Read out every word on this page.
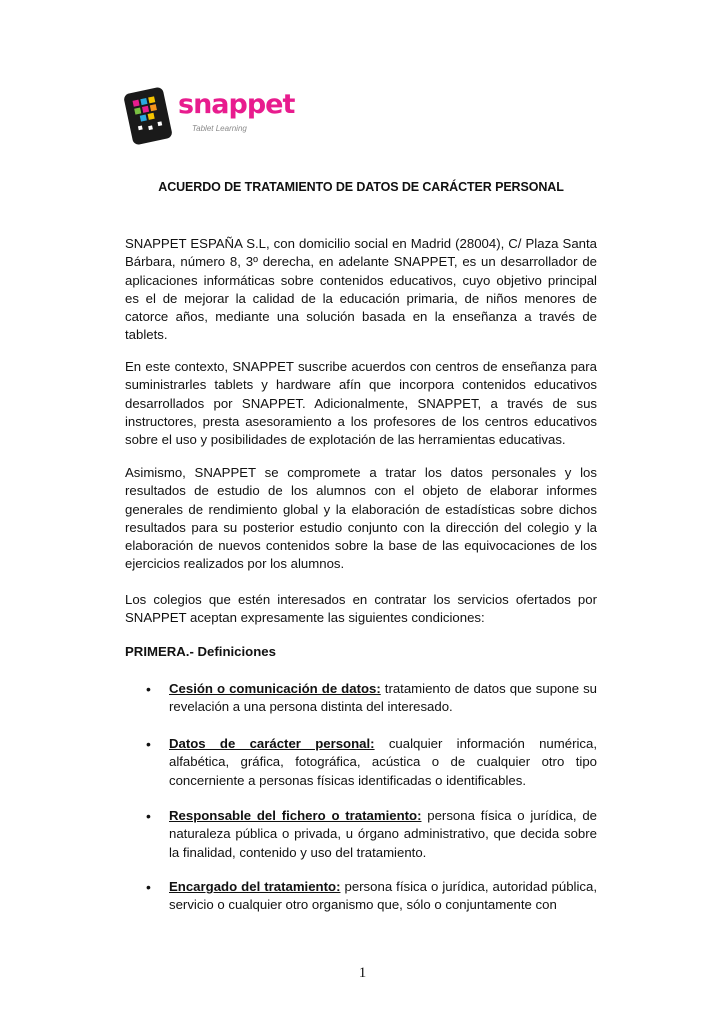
snappet
Tablet Learning
ACUERDO DE TRATAMIENTO DE DATOS DE CARÁCTER PERSONAL

SNAPPET ESPAÑA S.L, con domicilio social en Madrid (28004), C/ Plaza Santa Bárbara, número 8, 3º derecha, en adelante SNAPPET, es un desarrollador de aplicaciones informáticas sobre contenidos educativos, cuyo objetivo principal es el de mejorar la calidad de la educación primaria, de niños menores de catorce años, mediante una solución basada en la enseñanza a través de tablets.

En este contexto, SNAPPET suscribe acuerdos con centros de enseñanza para suministrarles tablets y hardware afín que incorpora contenidos educativos desarrollados por SNAPPET. Adicionalmente, SNAPPET, a través de sus instructores, presta asesoramiento a los profesores de los centros educativos sobre el uso y posibilidades de explotación de las herramientas educativas.

Asimismo, SNAPPET se compromete a tratar los datos personales y los resultados de estudio de los alumnos con el objeto de elaborar informes generales de rendimiento global y la elaboración de estadísticas sobre dichos resultados para su posterior estudio conjunto con la dirección del colegio y la elaboración de nuevos contenidos sobre la base de las equivocaciones de los ejercicios realizados por los alumnos.

Los colegios que estén interesados en contratar los servicios ofertados por SNAPPET aceptan expresamente las siguientes condiciones:

PRIMERA.- Definiciones
• Cesión o comunicación de datos: tratamiento de datos que supone su revelación a una persona distinta del interesado.

• Datos de carácter personal: cualquier información numérica, alfabética, gráfica, fotográfica, acústica o de cualquier otro tipo concerniente a personas físicas identificadas o identificables.

• Responsable del fichero o tratamiento: persona física o jurídica, de naturaleza pública o privada, u órgano administrativo, que decida sobre la finalidad, contenido y uso del tratamiento.

• Encargado del tratamiento: persona física o jurídica, autoridad pública, servicio o cualquier otro organismo que, sólo o conjuntamente con

1
